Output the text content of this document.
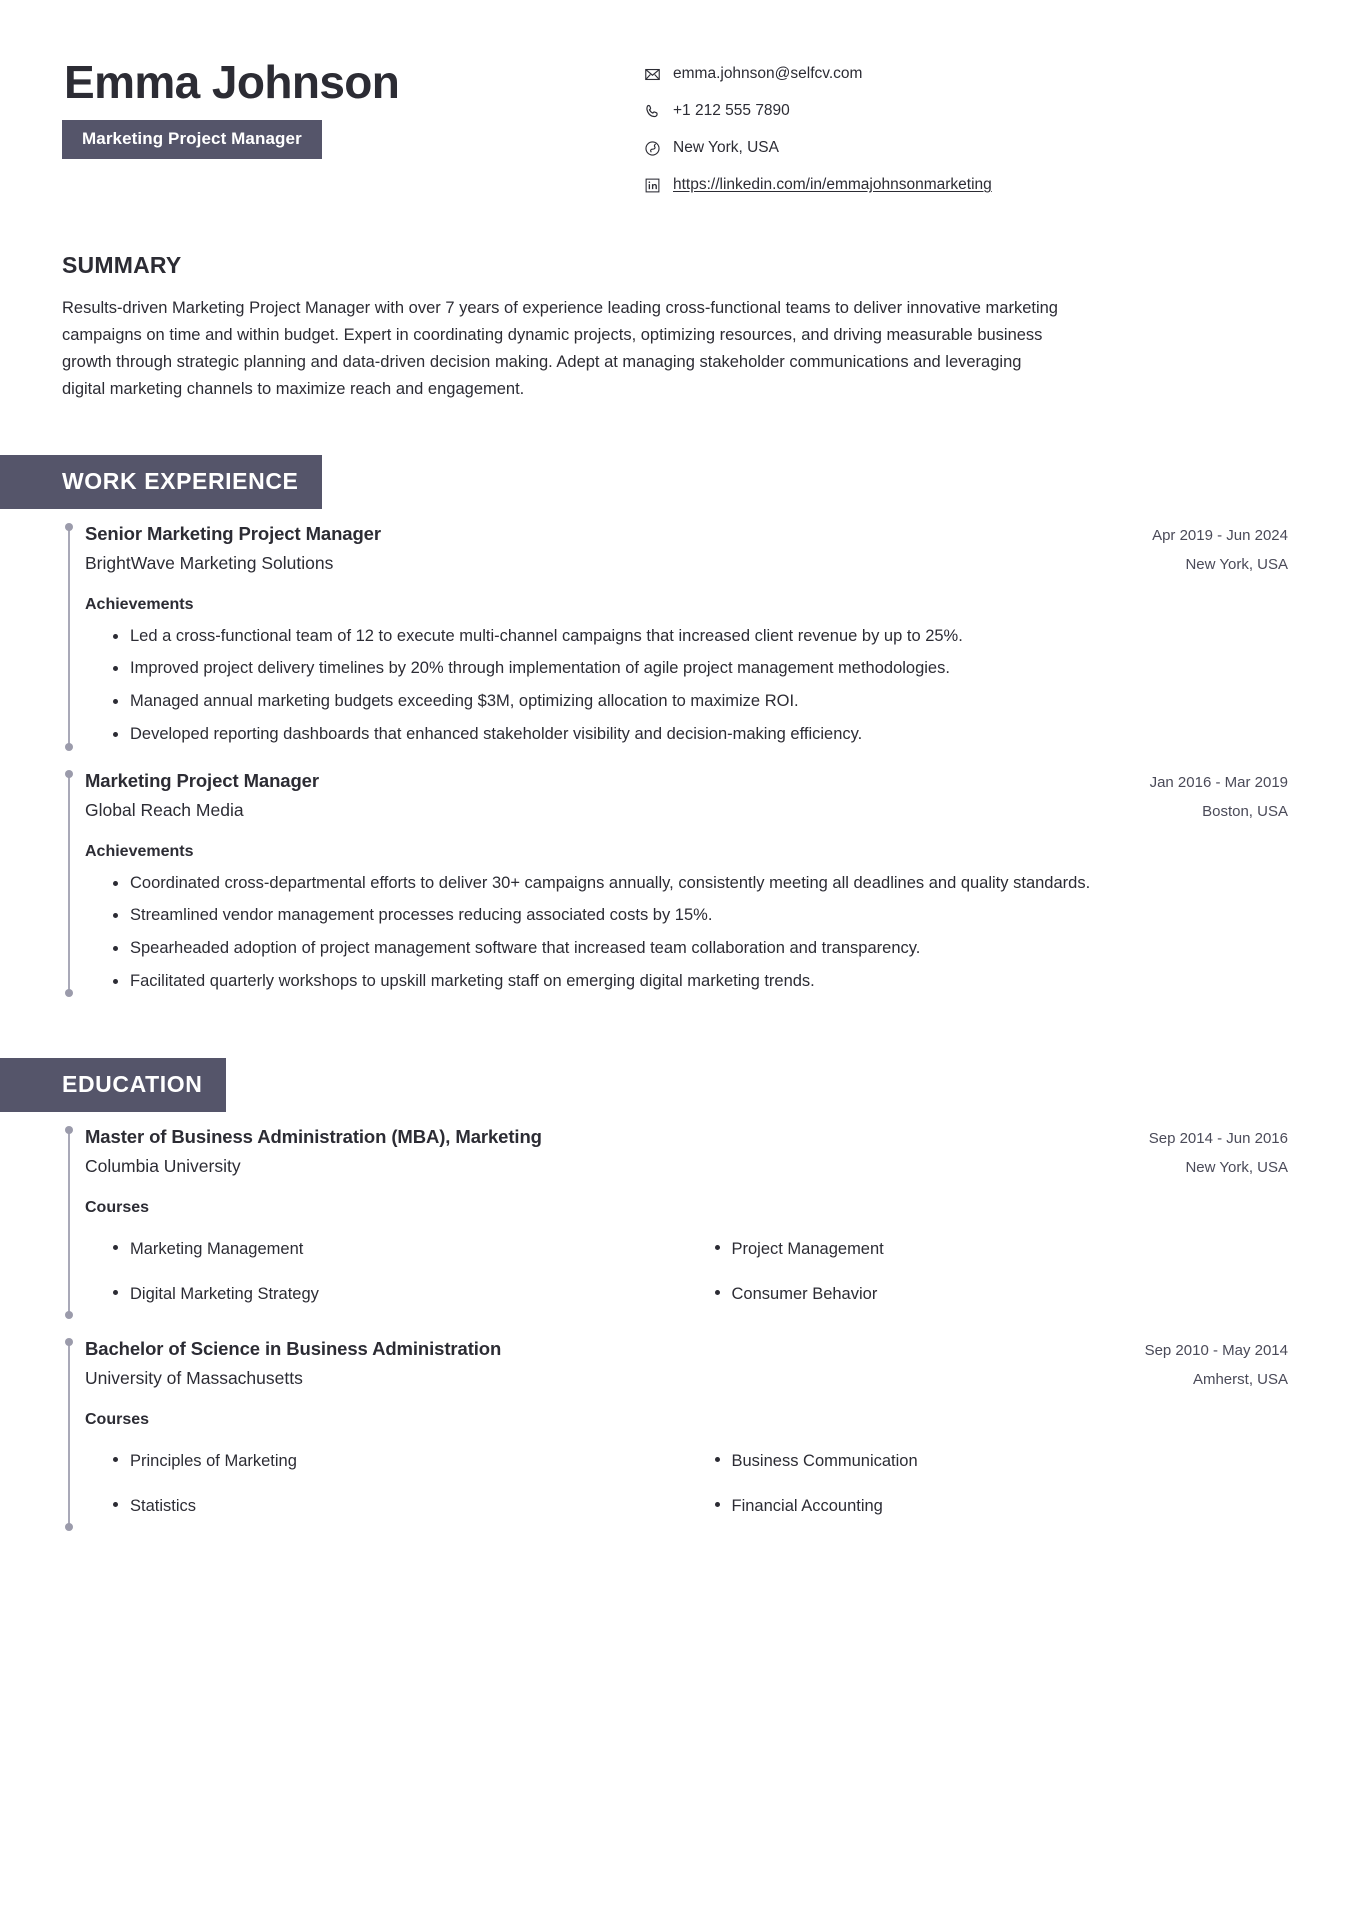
Emma Johnson
Marketing Project Manager
emma.johnson@selfcv.com
+1 212 555 7890
New York, USA
https://linkedin.com/in/emmajohnsonmarketing
SUMMARY
Results-driven Marketing Project Manager with over 7 years of experience leading cross-functional teams to deliver innovative marketing campaigns on time and within budget. Expert in coordinating dynamic projects, optimizing resources, and driving measurable business growth through strategic planning and data-driven decision making. Adept at managing stakeholder communications and leveraging digital marketing channels to maximize reach and engagement.
WORK EXPERIENCE
Senior Marketing Project Manager
BrightWave Marketing Solutions
Apr 2019 - Jun 2024
New York, USA
Achievements
Led a cross-functional team of 12 to execute multi-channel campaigns that increased client revenue by up to 25%.
Improved project delivery timelines by 20% through implementation of agile project management methodologies.
Managed annual marketing budgets exceeding $3M, optimizing allocation to maximize ROI.
Developed reporting dashboards that enhanced stakeholder visibility and decision-making efficiency.
Marketing Project Manager
Global Reach Media
Jan 2016 - Mar 2019
Boston, USA
Achievements
Coordinated cross-departmental efforts to deliver 30+ campaigns annually, consistently meeting all deadlines and quality standards.
Streamlined vendor management processes reducing associated costs by 15%.
Spearheaded adoption of project management software that increased team collaboration and transparency.
Facilitated quarterly workshops to upskill marketing staff on emerging digital marketing trends.
EDUCATION
Master of Business Administration (MBA), Marketing
Columbia University
Sep 2014 - Jun 2016
New York, USA
Courses
Marketing Management	Project Management
Digital Marketing Strategy	Consumer Behavior
Bachelor of Science in Business Administration
University of Massachusetts
Sep 2010 - May 2014
Amherst, USA
Courses
Principles of Marketing	Business Communication
Statistics	Financial Accounting
